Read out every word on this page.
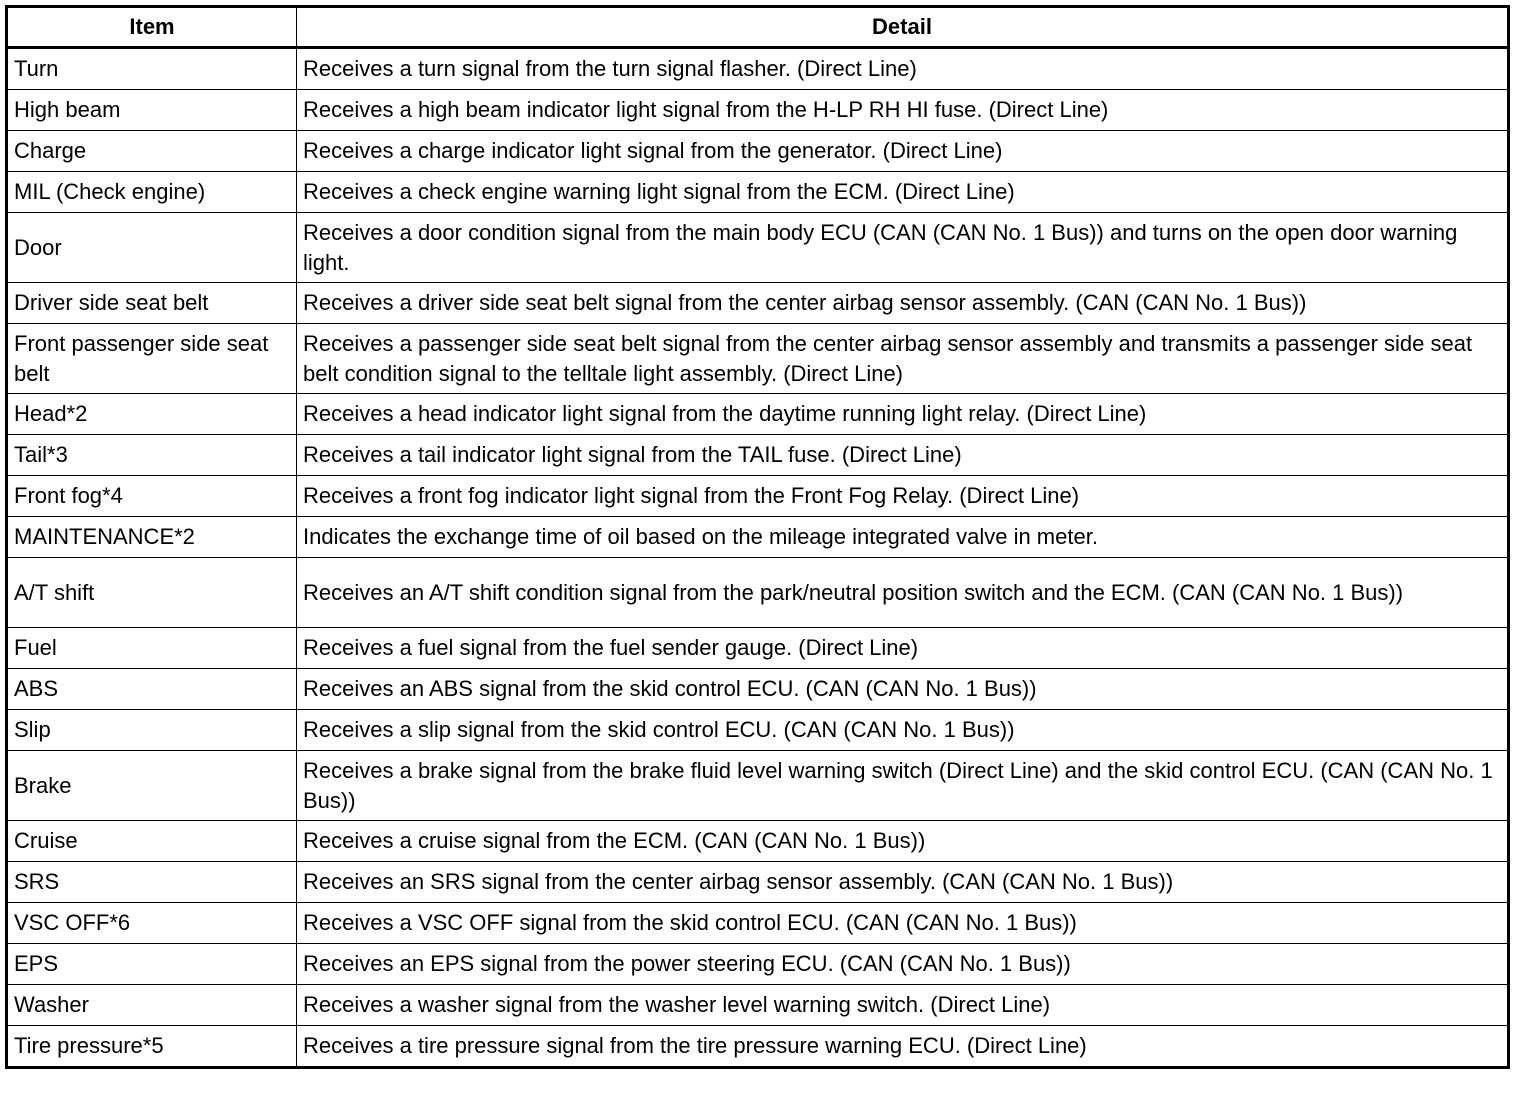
Item	Detail
Turn	Receives a turn signal from the turn signal flasher. (Direct Line)
High beam	Receives a high beam indicator light signal from the H-LP RH HI fuse. (Direct Line)
Charge	Receives a charge indicator light signal from the generator. (Direct Line)
MIL (Check engine)	Receives a check engine warning light signal from the ECM. (Direct Line)
Door	Receives a door condition signal from the main body ECU (CAN (CAN No. 1 Bus)) and turns on the open door warning light.
Driver side seat belt	Receives a driver side seat belt signal from the center airbag sensor assembly. (CAN (CAN No. 1 Bus))
Front passenger side seat belt	Receives a passenger side seat belt signal from the center airbag sensor assembly and transmits a passenger side seat belt condition signal to the telltale light assembly. (Direct Line)
Head*2	Receives a head indicator light signal from the daytime running light relay. (Direct Line)
Tail*3	Receives a tail indicator light signal from the TAIL fuse. (Direct Line)
Front fog*4	Receives a front fog indicator light signal from the Front Fog Relay. (Direct Line)
MAINTENANCE*2	Indicates the exchange time of oil based on the mileage integrated valve in meter.
A/T shift	Receives an A/T shift condition signal from the park/neutral position switch and the ECM. (CAN (CAN No. 1 Bus))
Fuel	Receives a fuel signal from the fuel sender gauge. (Direct Line)
ABS	Receives an ABS signal from the skid control ECU. (CAN (CAN No. 1 Bus))
Slip	Receives a slip signal from the skid control ECU. (CAN (CAN No. 1 Bus))
Brake	Receives a brake signal from the brake fluid level warning switch (Direct Line) and the skid control ECU. (CAN (CAN No. 1 Bus))
Cruise	Receives a cruise signal from the ECM. (CAN (CAN No. 1 Bus))
SRS	Receives an SRS signal from the center airbag sensor assembly. (CAN (CAN No. 1 Bus))
VSC OFF*6	Receives a VSC OFF signal from the skid control ECU. (CAN (CAN No. 1 Bus))
EPS	Receives an EPS signal from the power steering ECU. (CAN (CAN No. 1 Bus))
Washer	Receives a washer signal from the washer level warning switch. (Direct Line)
Tire pressure*5	Receives a tire pressure signal from the tire pressure warning ECU. (Direct Line)
